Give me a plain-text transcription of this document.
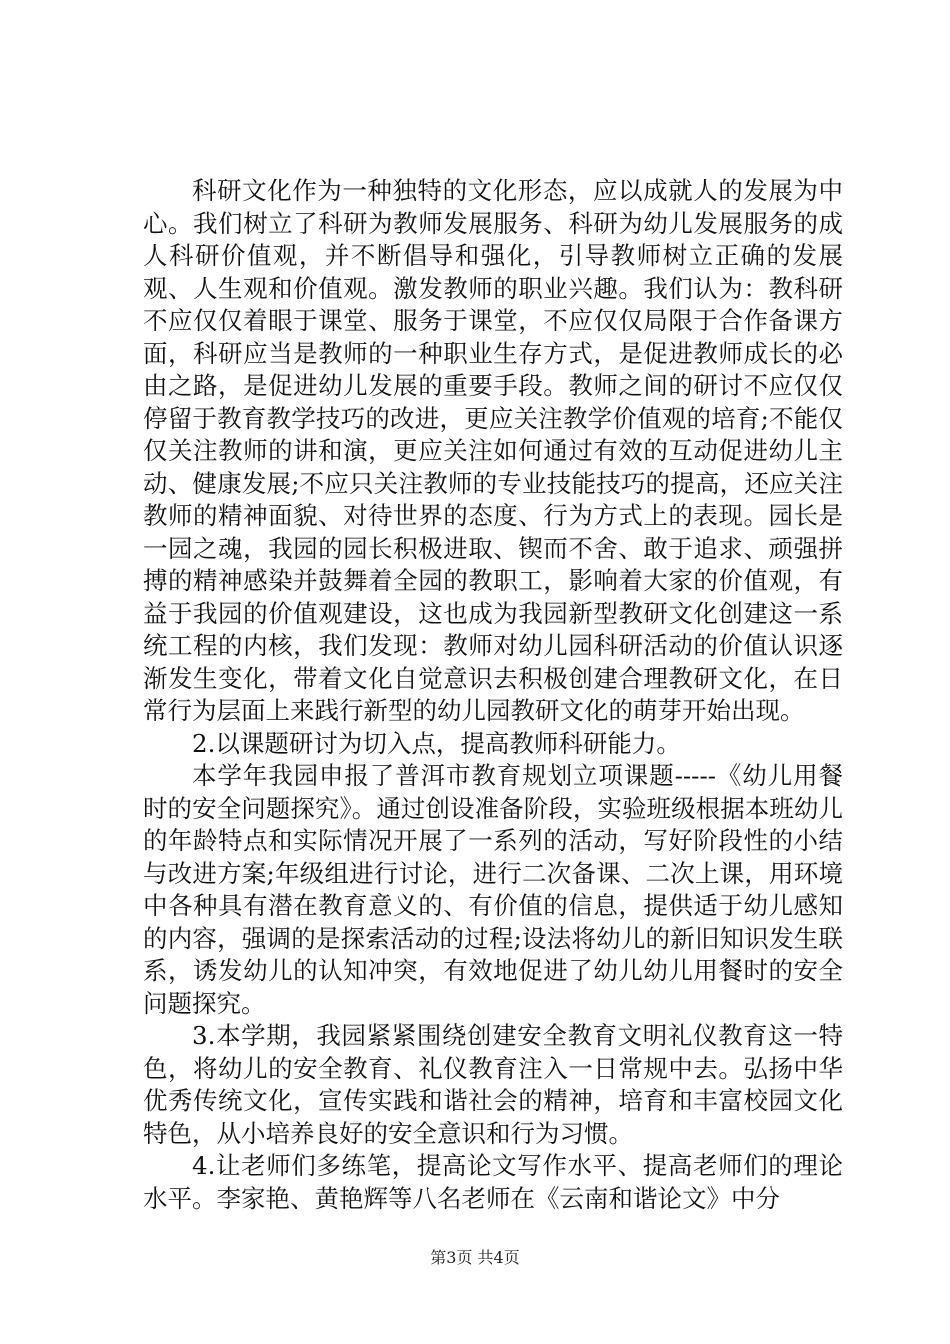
科研文化作为一种独特的文化形态，应以成就人的发展为中心。我们树立了科研为教师发展服务、科研为幼儿发展服务的成人科研价值观，并不断倡导和强化，引导教师树立正确的发展观、人生观和价值观。激发教师的职业兴趣。我们认为：教科研不应仅仅着眼于课堂、服务于课堂，不应仅仅局限于合作备课方面，科研应当是教师的一种职业生存方式，是促进教师成长的必由之路，是促进幼儿发展的重要手段。教师之间的研讨不应仅仅停留于教育教学技巧的改进，更应关注教学价值观的培育;不能仅仅关注教师的讲和演，更应关注如何通过有效的互动促进幼儿主动、健康发展;不应只关注教师的专业技能技巧的提高，还应关注教师的精神面貌、对待世界的态度、行为方式上的表现。园长是一园之魂，我园的园长积极进取、锲而不舍、敢于追求、顽强拼搏的精神感染并鼓舞着全园的教职工，影响着大家的价值观，有益于我园的价值观建设，这也成为我园新型教研文化创建这一系统工程的内核，我们发现：教师对幼儿园科研活动的价值认识逐渐发生变化，带着文化自觉意识去积极创建合理教研文化，在日常行为层面上来践行新型的幼儿园教研文化的萌芽开始出现。

2.以课题研讨为切入点，提高教师科研能力。

本学年我园申报了普洱市教育规划立项课题-----《幼儿用餐时的安全问题探究》。通过创设准备阶段，实验班级根据本班幼儿的年龄特点和实际情况开展了一系列的活动，写好阶段性的小结与改进方案;年级组进行讨论，进行二次备课、二次上课，用环境中各种具有潜在教育意义的、有价值的信息，提供适于幼儿感知的内容，强调的是探索活动的过程;设法将幼儿的新旧知识发生联系，诱发幼儿的认知冲突，有效地促进了幼儿幼儿用餐时的安全问题探究。

3.本学期，我园紧紧围绕创建安全教育文明礼仪教育这一特色，将幼儿的安全教育、礼仪教育注入一日常规中去。弘扬中华优秀传统文化，宣传实践和谐社会的精神，培育和丰富校园文化特色，从小培养良好的安全意识和行为习惯。

4.让老师们多练笔，提高论文写作水平、提高老师们的理论水平。李家艳、黄艳辉等八名老师在《云南和谐论文》中分

第3页 共4页
